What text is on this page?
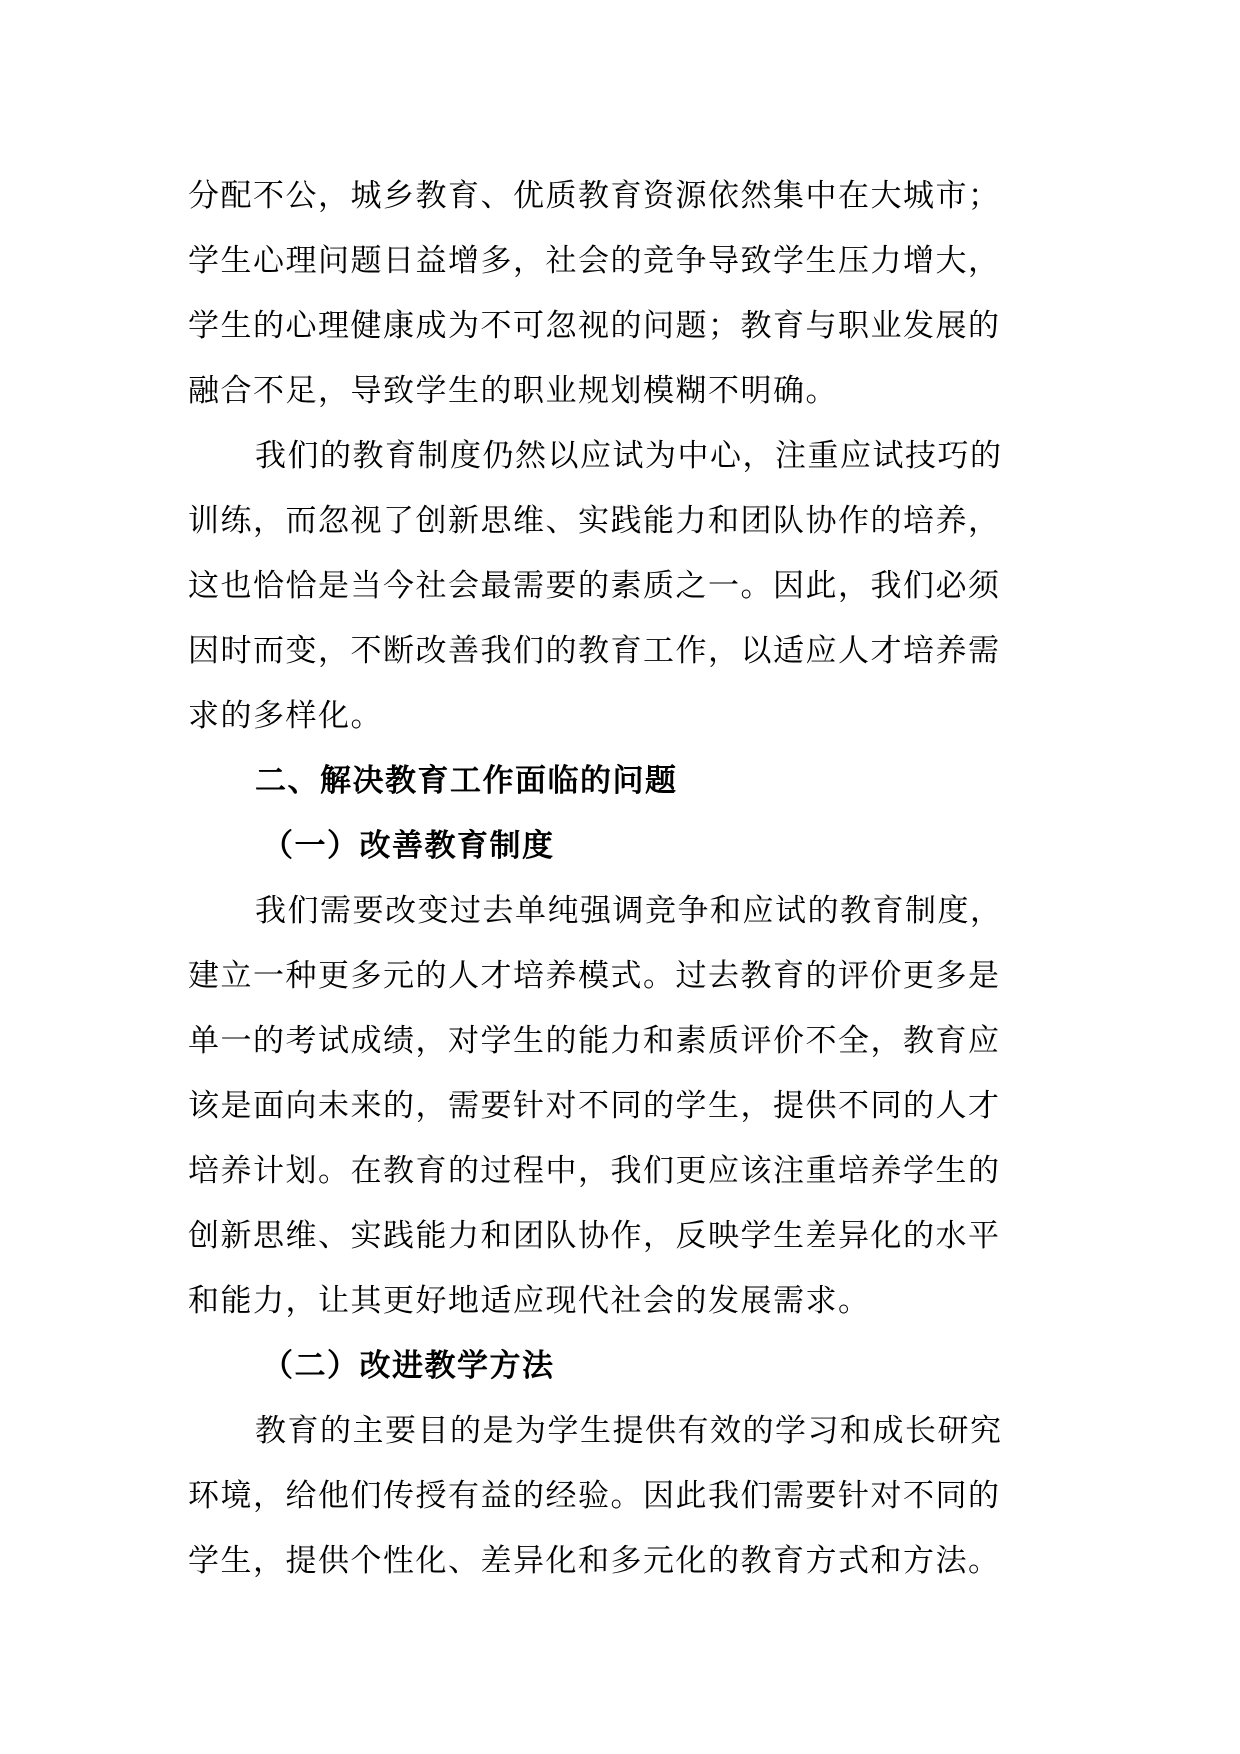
分配不公，城乡教育、优质教育资源依然集中在大城市；
学生心理问题日益增多，社会的竞争导致学生压力增大，
学生的心理健康成为不可忽视的问题；教育与职业发展的
融合不足，导致学生的职业规划模糊不明确。
我们的教育制度仍然以应试为中心，注重应试技巧的
训练，而忽视了创新思维、实践能力和团队协作的培养，
这也恰恰是当今社会最需要的素质之一。因此，我们必须
因时而变，不断改善我们的教育工作，以适应人才培养需
求的多样化。
二、解决教育工作面临的问题
（一）改善教育制度
我们需要改变过去单纯强调竞争和应试的教育制度，
建立一种更多元的人才培养模式。过去教育的评价更多是
单一的考试成绩，对学生的能力和素质评价不全，教育应
该是面向未来的，需要针对不同的学生，提供不同的人才
培养计划。在教育的过程中，我们更应该注重培养学生的
创新思维、实践能力和团队协作，反映学生差异化的水平
和能力，让其更好地适应现代社会的发展需求。
（二）改进教学方法
教育的主要目的是为学生提供有效的学习和成长研究
环境，给他们传授有益的经验。因此我们需要针对不同的
学生，提供个性化、差异化和多元化的教育方式和方法。
